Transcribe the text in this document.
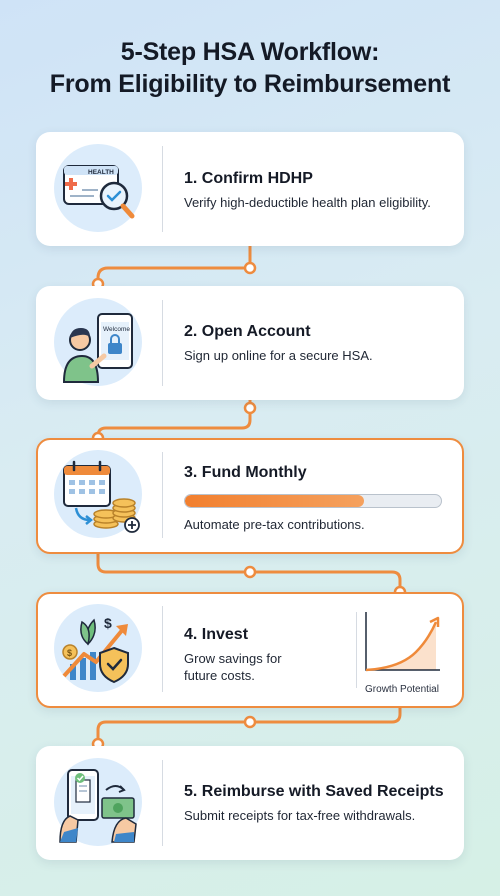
5-Step HSA Workflow:
From Eligibility to Reimbursement
HEALTH	1. Confirm HDHP
Verify high-deductible health plan eligibility.
Welcome	2. Open Account
Sign up online for a secure HSA.
3. Fund Monthly
Automate pre-tax contributions.
$
$
4. Invest
Grow savings for
future costs.
Growth Potential
5. Reimburse with Saved Receipts
Submit receipts for tax-free withdrawals.
